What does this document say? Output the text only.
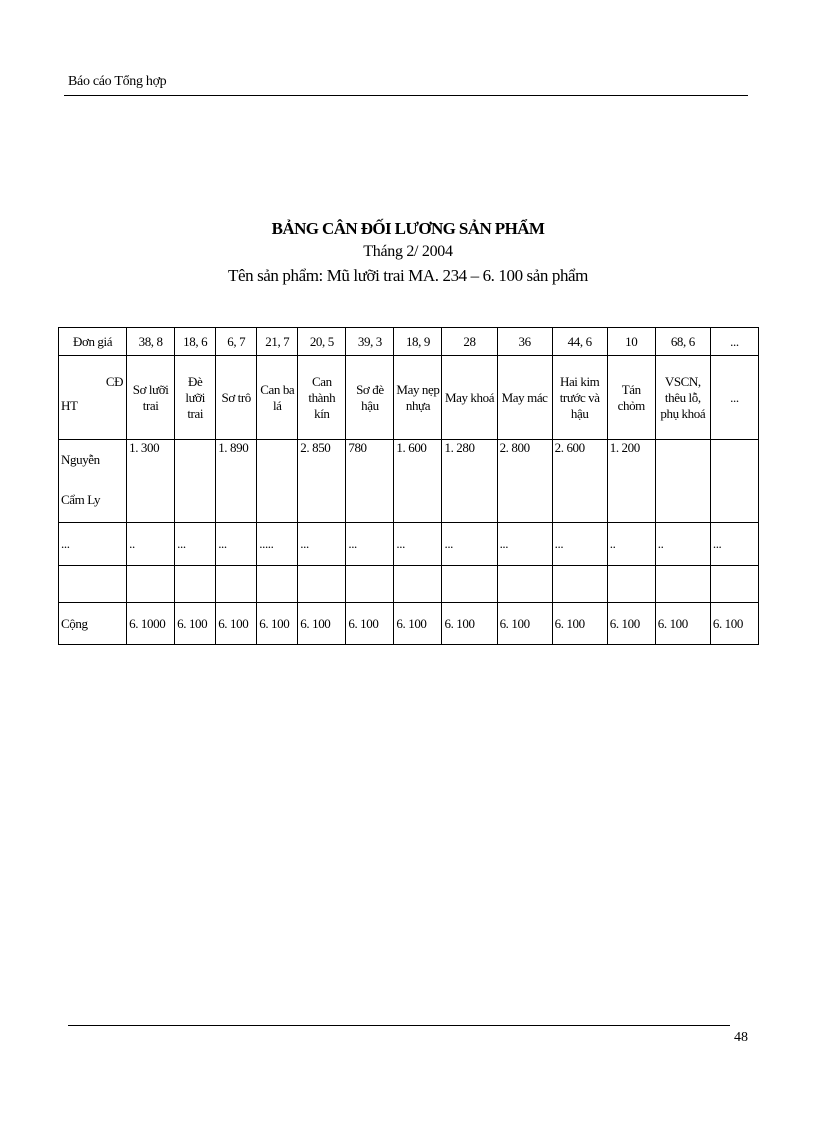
Báo cáo Tổng hợp
BẢNG CÂN ĐỐI LƯƠNG SẢN PHẨM
Tháng 2/ 2004
Tên sản phẩm: Mũ lưỡi trai MA. 234 – 6. 100 sản phẩm
Đơn giá	38, 8	18, 6	6, 7	21, 7	20, 5	39, 3	18, 9	28	36	44, 6	10	68, 6	...

CĐ
HT	Sơ lưỡi trai	Đè lưỡi trai	Sơ trô	Can ba lá	Can thành kín	Sơ đè hậu	May nẹp nhựa	May khoá	May mác	Hai kim trước và hậu	Tán chỏm	VSCN, thêu lỗ, phụ khoá	...
Nguyễn Cẩm Ly	1. 300		1. 890		2. 850	780	1. 600	1. 280	2. 800	2. 600	1. 200		
...	..	...	...	.....	...	...	...	...	...	...	..	..	...

Cộng	6. 1000	6. 100	6. 100	6. 100	6. 100	6. 100	6. 100	6. 100	6. 100	6. 100	6. 100	6. 100	6. 100
48
